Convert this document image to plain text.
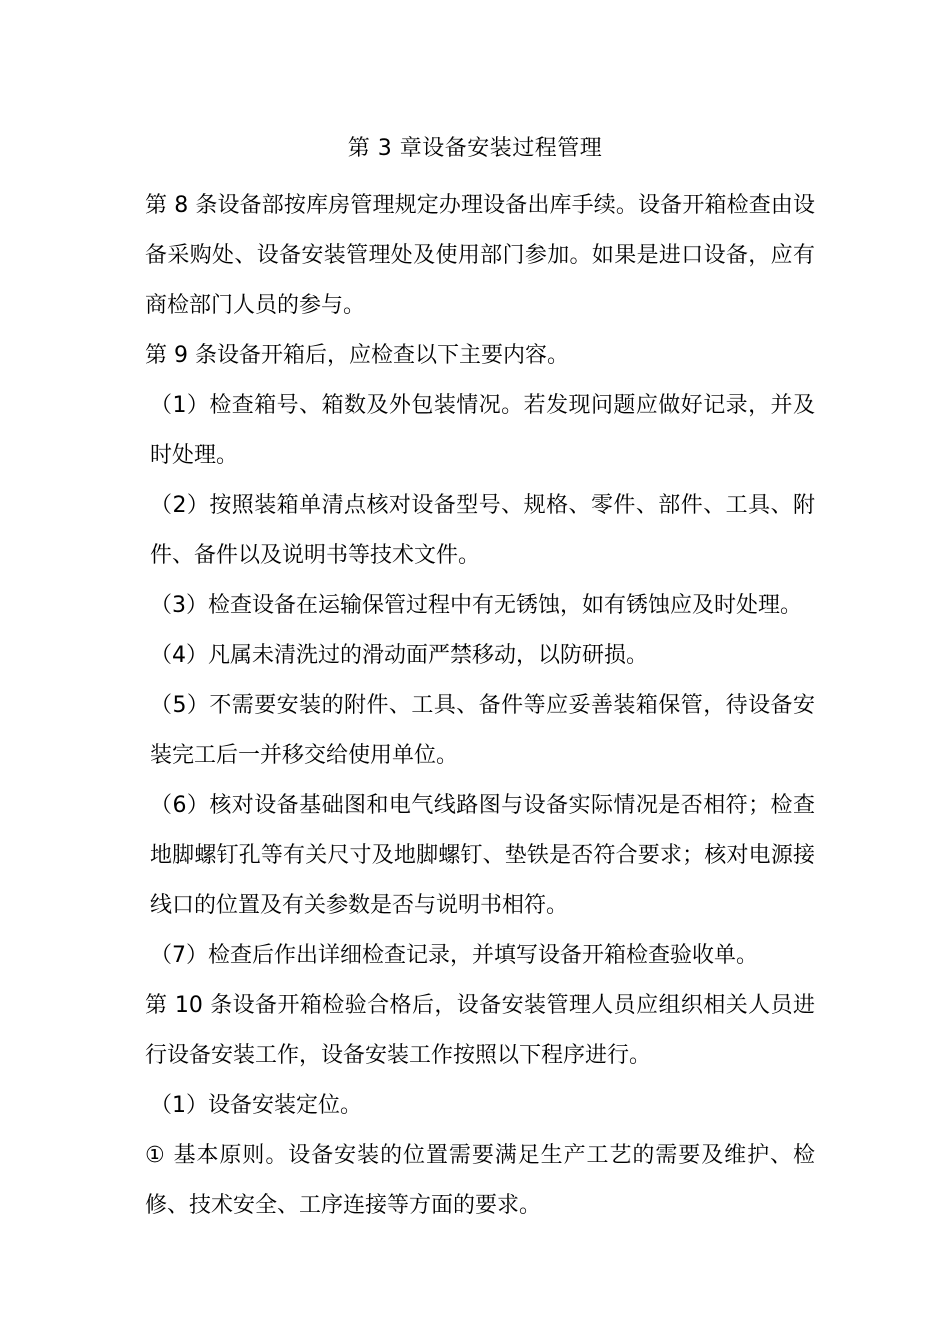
第 3 章设备安装过程管理

第 8 条设备部按库房管理规定办理设备出库手续。设备开箱检查由设备采购处、设备安装管理处及使用部门参加。如果是进口设备，应有商检部门人员的参与。

第 9 条设备开箱后，应检查以下主要内容。

（1）检查箱号、箱数及外包装情况。若发现问题应做好记录，并及时处理。

（2）按照装箱单清点核对设备型号、规格、零件、部件、工具、附件、备件以及说明书等技术文件。

（3）检查设备在运输保管过程中有无锈蚀，如有锈蚀应及时处理。

（4）凡属未清洗过的滑动面严禁移动，以防研损。

（5）不需要安装的附件、工具、备件等应妥善装箱保管，待设备安装完工后一并移交给使用单位。

（6）核对设备基础图和电气线路图与设备实际情况是否相符；检查地脚螺钉孔等有关尺寸及地脚螺钉、垫铁是否符合要求；核对电源接线口的位置及有关参数是否与说明书相符。

（7）检查后作出详细检查记录，并填写设备开箱检查验收单。

第 10 条设备开箱检验合格后，设备安装管理人员应组织相关人员进行设备安装工作，设备安装工作按照以下程序进行。

（1）设备安装定位。

① 基本原则。设备安装的位置需要满足生产工艺的需要及维护、检修、技术安全、工序连接等方面的要求。
